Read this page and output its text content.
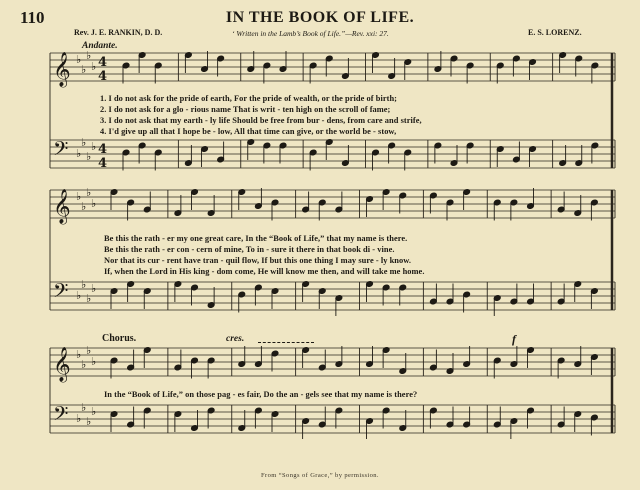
110	IN THE BOOK OF LIFE.
Rev. J. E. RANKIN, D. D.	‘ Written in the Lamb’s Book of Life.”—Rev. xxi: 27.	E. S. LORENZ.
Andante.
𝄞 ♭
♭
♭
♭ 4
4
𝄢 ♭
♭
♭
♭ 4
4
𝄞 ♭
♭
♭
♭
𝄢 ♭
♭
♭
♭
𝄞 ♭
♭
♭
♭
𝄢 ♭
♭
♭
♭
1. I do not ask for the pride of earth, For the pride of wealth, or the pride of birth;
2. I do not ask for a glo - rious name That is writ - ten high on the scroll of fame;
3. I do not ask that my earth - ly life Should be free from bur - dens, from care and strife,
4. I'd give up all that I hope be - low, All that time can give, or the world be - stow,
Be this the rath - er my one great care, In the “Book of Life,” that my name is there.
Be this the rath - er con - cern of mine, To in - sure it there in that book di - vine.
Nor that its cur - rent have tran - quil flow, If but this one thing I may sure - ly know.
If, when the Lord in His king - dom come, He will know me then, and will take me home.
Chorus.	cres.	f
In the “Book of Life,” on those pag - es fair, Do the an - gels see that my name is there?
From “Songs of Grace,” by permission.
